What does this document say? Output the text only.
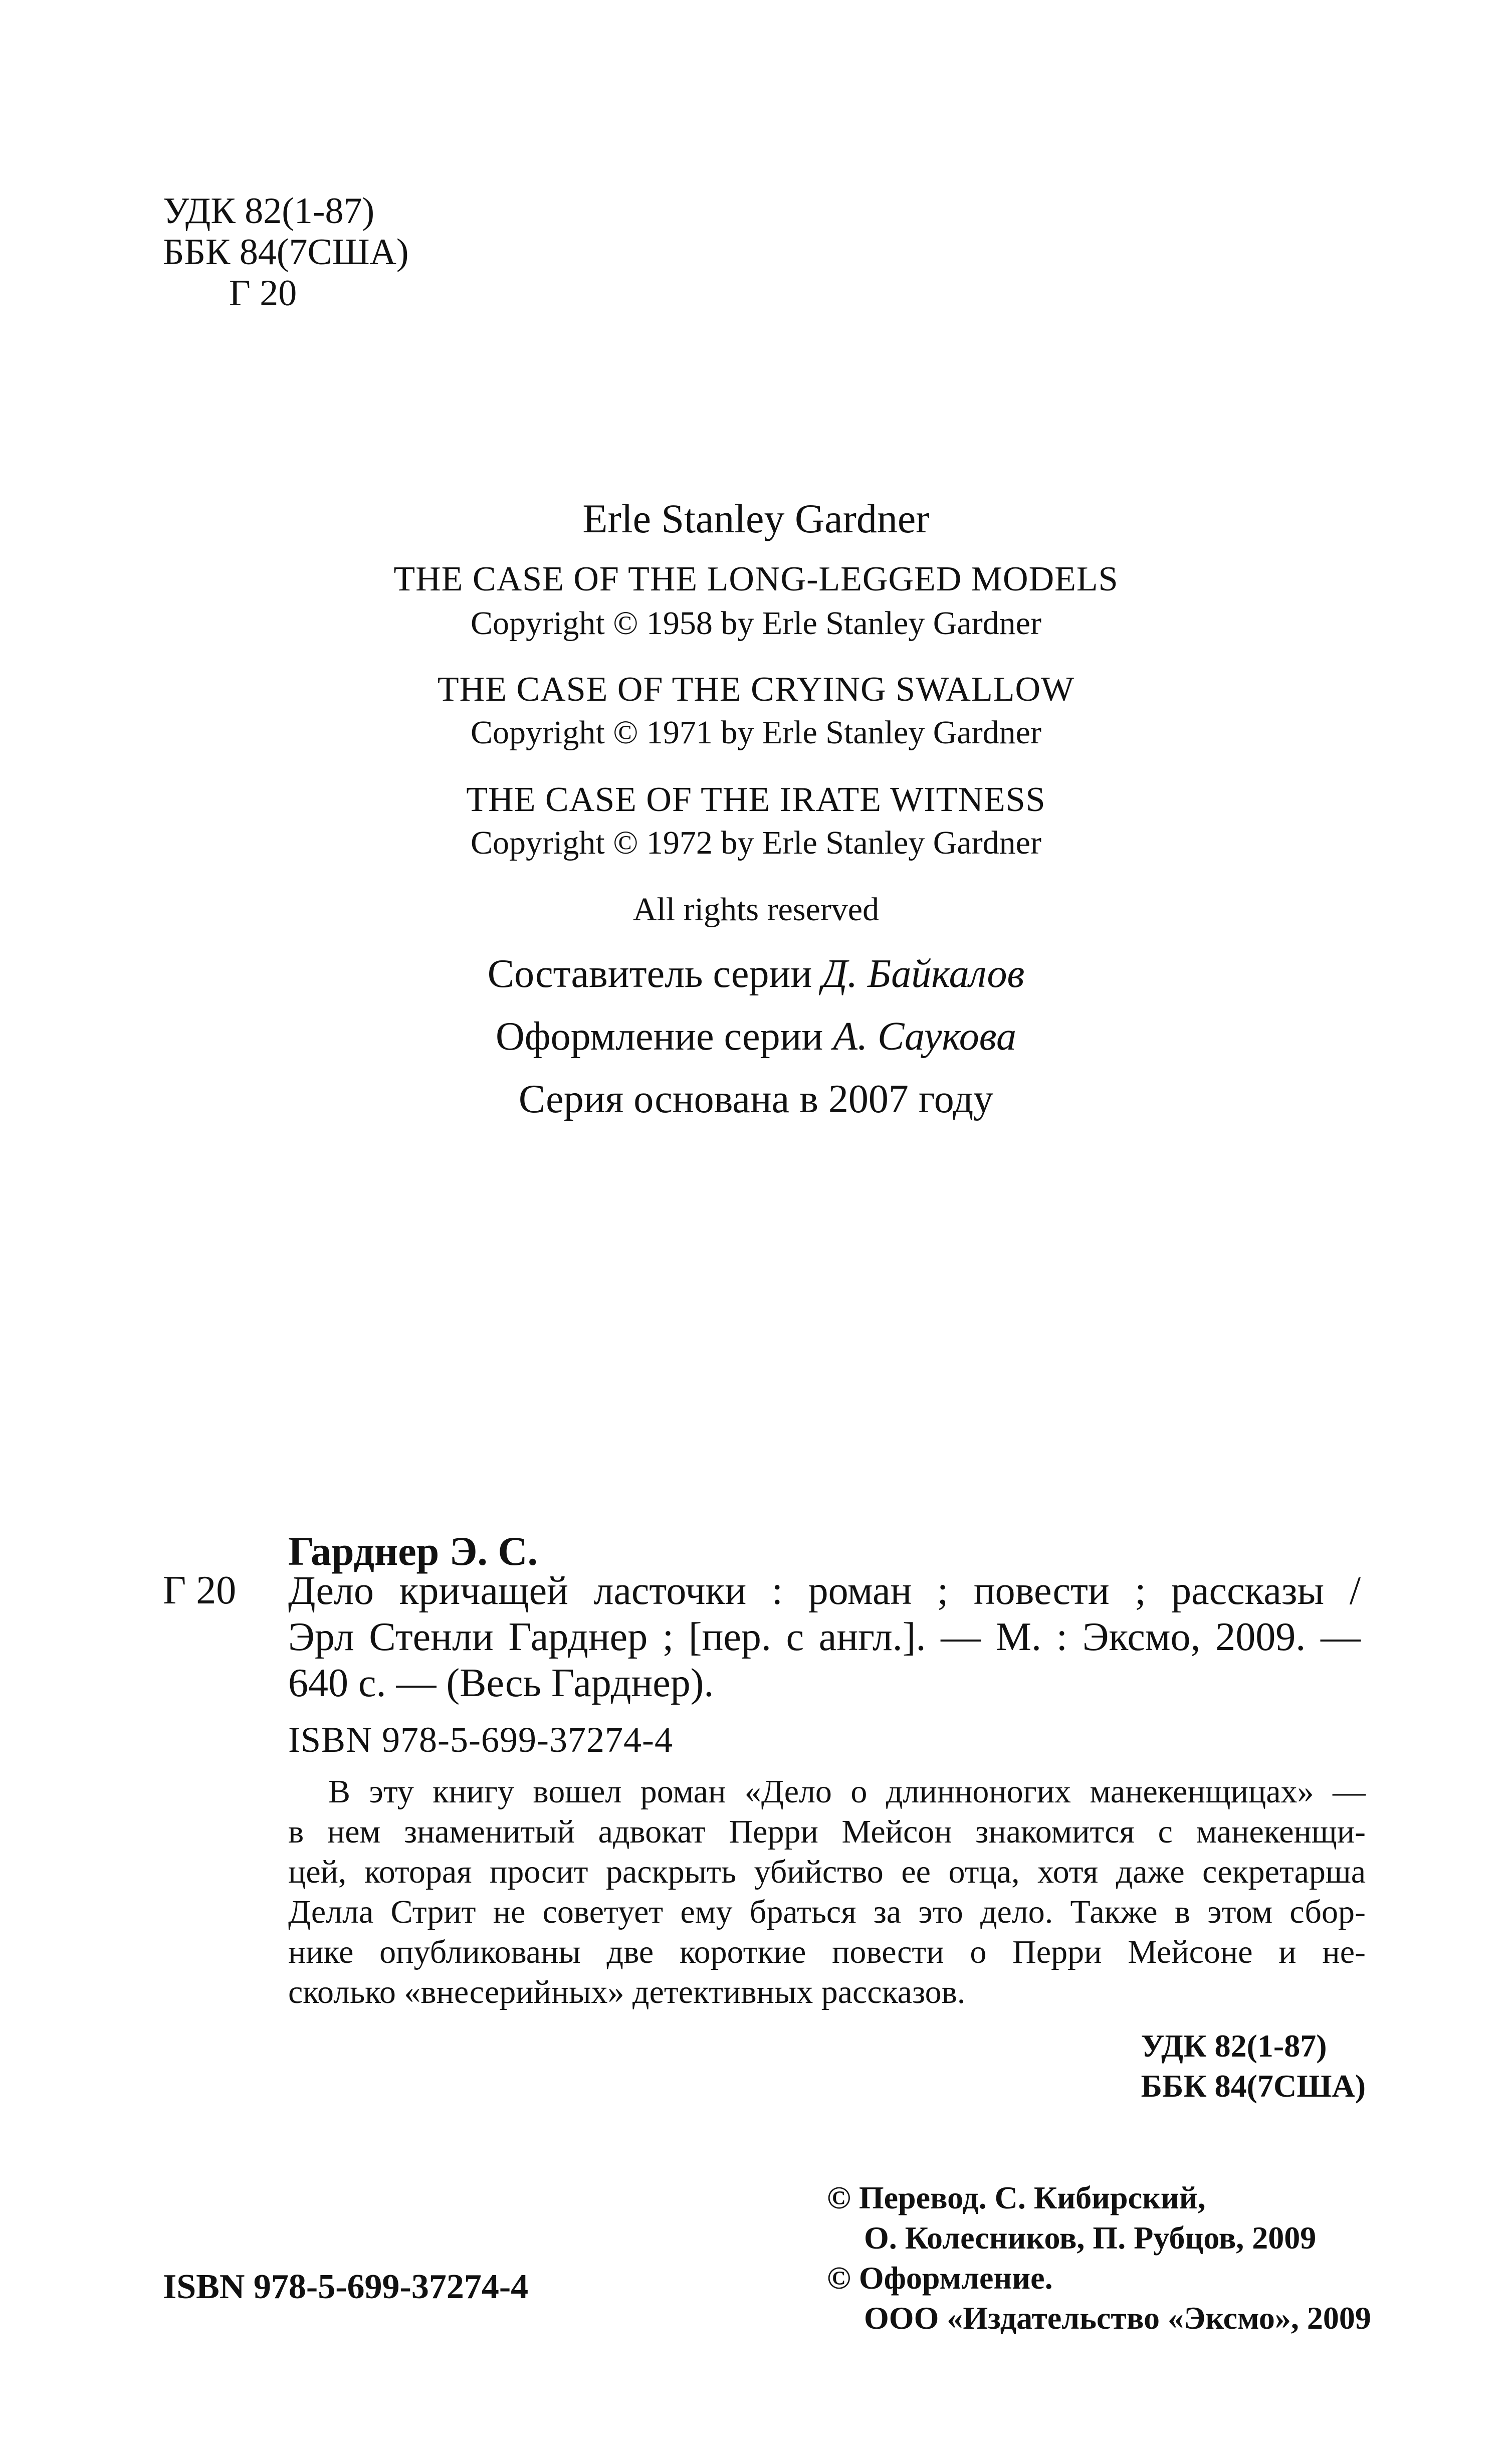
УДК 82(1-87)
ББК 84(7США)
Г 20
Erle Stanley Gardner
THE CASE OF THE LONG-LEGGED MODELS
Copyright © 1958 by Erle Stanley Gardner
THE CASE OF THE CRYING SWALLOW
Copyright © 1971 by Erle Stanley Gardner
THE CASE OF THE IRATE WITNESS
Copyright © 1972 by Erle Stanley Gardner
All rights reserved
Составитель серии Д. Байкалов
Оформление серии А. Саукова
Серия основана в 2007 году
Гарднер Э. С.
Г 20 Дело кричащей ласточки : роман ; повести ; рассказы /
Эрл Стенли Гарднер ; [пер. с англ.]. — М. : Эксмо, 2009. —
640 с. — (Весь Гарднер).
ISBN 978-5-699-37274-4
В эту книгу вошел роман «Дело о длинноногих манекенщицах» —
в нем знаменитый адвокат Перри Мейсон знакомится с манекенщи-
цей, которая просит раскрыть убийство ее отца, хотя даже секретарша
Делла Стрит не советует ему браться за это дело. Также в этом сбор-
нике опубликованы две короткие повести о Перри Мейсоне и не-
сколько «внесерийных» детективных рассказов.
УДК 82(1-87)
ББК 84(7США)
© Перевод. С. Кибирский,
О. Колесников, П. Рубцов, 2009
© Оформление.
ООО «Издательство «Эксмо», 2009
ISBN 978-5-699-37274-4
